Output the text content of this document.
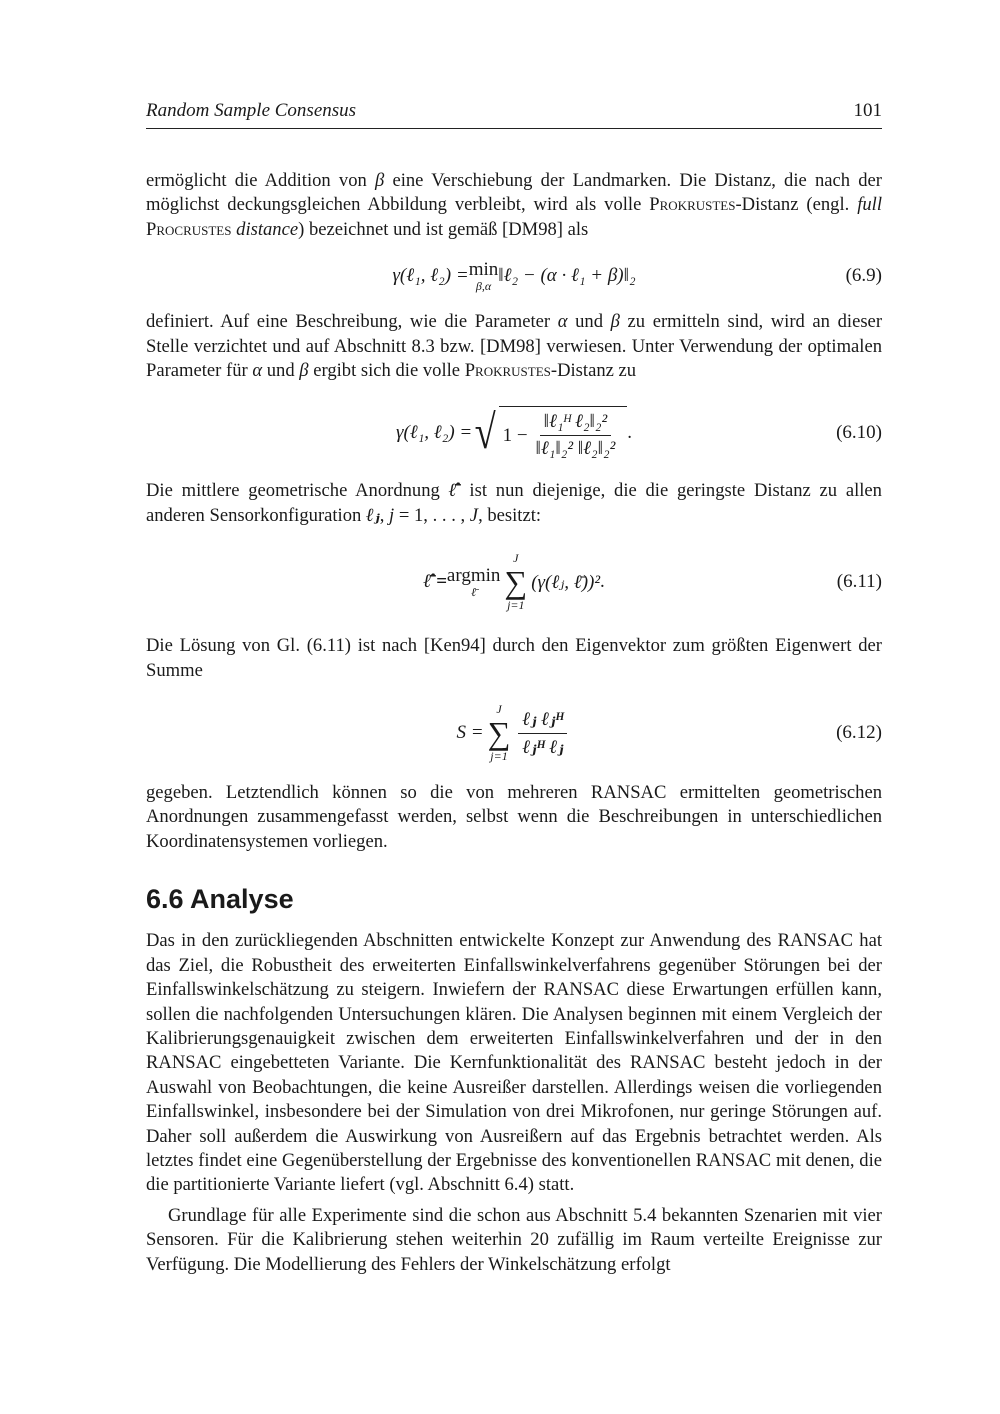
Random Sample Consensus	101

ermöglicht die Addition von β eine Verschiebung der Landmarken. Die Distanz, die nach der möglichst deckungsgleichen Abbildung verbleibt, wird als volle Prokrustes-Distanz (engl. full Procrustes distance) bezeichnet und ist gemäß [DM98] als

γ(ℓ₁, ℓ₂) = min
β,α ‖ℓ₂ − (α · ℓ₁ + β)‖₂	(6.9)

definiert. Auf eine Beschreibung, wie die Parameter α und β zu ermitteln sind, wird an dieser Stelle verzichtet und auf Abschnitt 8.3 bzw. [DM98] verwiesen. Unter Verwendung der optimalen Parameter für α und β ergibt sich die volle Prokrustes-Distanz zu

γ(ℓ₁, ℓ₂) = √ $1 - \frac{\text{‖ℓ₁ᴴ ℓ₂‖₂²}}{\text{‖ℓ₁‖₂² ‖ℓ₂‖₂²}}$ .	(6.10)

Die mittlere geometrische Anordnung ℓ̄̂ ist nun diejenige, die die geringste Distanz zu allen anderen Sensorkonfiguration ℓⱼ, j = 1, . . . , J, besitzt:

ℓ̄̂ = argmin
ℓ̄
J
∑
j=1
(γ(ℓⱼ, ℓ̄))² .	(6.11)

Die Lösung von Gl. (6.11) ist nach [Ken94] durch den Eigenvektor zum größten Eigenwert der Summe

S =
J
∑
$j=1 \frac{\text{ℓⱼ ℓⱼᴴ}}{\text{ℓⱼᴴ ℓⱼ}}$	(6.12)

gegeben. Letztendlich können so die von mehreren RANSAC ermittelten geometrischen Anordnungen zusammengefasst werden, selbst wenn die Beschreibungen in unterschiedlichen Koordinatensystemen vorliegen.

6.6 Analyse

Das in den zurückliegenden Abschnitten entwickelte Konzept zur Anwendung des RANSAC hat das Ziel, die Robustheit des erweiterten Einfallswinkelverfahrens gegenüber Störungen bei der Einfallswinkelschätzung zu steigern. Inwiefern der RANSAC diese Erwartungen erfüllen kann, sollen die nachfolgenden Untersuchungen klären. Die Analysen beginnen mit einem Vergleich der Kalibrierungsgenauigkeit zwischen dem erweiterten Einfallswinkelverfahren und der in den RANSAC eingebetteten Variante. Die Kernfunktionalität des RANSAC besteht jedoch in der Auswahl von Beobachtungen, die keine Ausreißer darstellen. Allerdings weisen die vorliegenden Einfallswinkel, insbesondere bei der Simulation von drei Mikrofonen, nur geringe Störungen auf. Daher soll außerdem die Auswirkung von Ausreißern auf das Ergebnis betrachtet werden. Als letztes findet eine Gegenüberstellung der Ergebnisse des konventionellen RANSAC mit denen, die die partitionierte Variante liefert (vgl. Abschnitt 6.4) statt.

Grundlage für alle Experimente sind die schon aus Abschnitt 5.4 bekannten Szenarien mit vier Sensoren. Für die Kalibrierung stehen weiterhin 20 zufällig im Raum verteilte Ereignisse zur Verfügung. Die Modellierung des Fehlers der Winkelschätzung erfolgt
